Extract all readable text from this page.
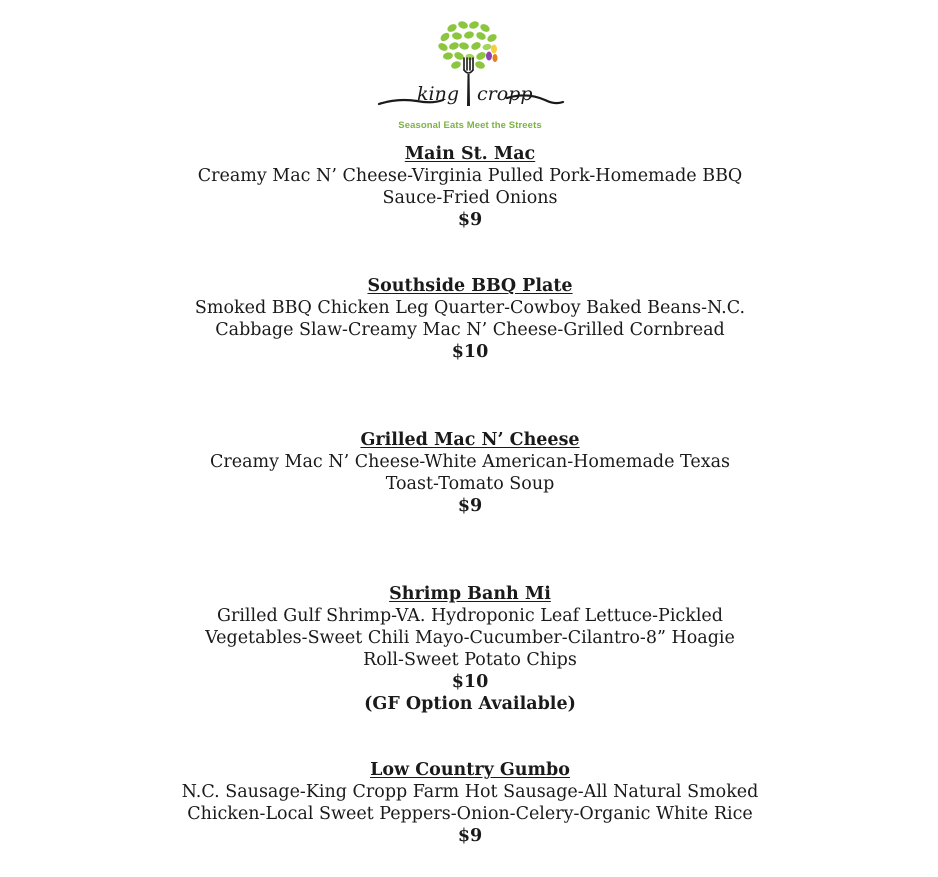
king cropp
Seasonal Eats Meet the Streets
Main St. Mac
Creamy Mac N’ Cheese-Virginia Pulled Pork-Homemade BBQ
Sauce-Fried Onions
$9
Southside BBQ Plate
Smoked BBQ Chicken Leg Quarter-Cowboy Baked Beans-N.C.
Cabbage Slaw-Creamy Mac N’ Cheese-Grilled Cornbread
$10
Grilled Mac N’ Cheese
Creamy Mac N’ Cheese-White American-Homemade Texas
Toast-Tomato Soup
$9
Shrimp Banh Mi
Grilled Gulf Shrimp-VA. Hydroponic Leaf Lettuce-Pickled
Vegetables-Sweet Chili Mayo-Cucumber-Cilantro-8” Hoagie
Roll-Sweet Potato Chips
$10
(GF Option Available)
Low Country Gumbo
N.C. Sausage-King Cropp Farm Hot Sausage-All Natural Smoked
Chicken-Local Sweet Peppers-Onion-Celery-Organic White Rice
$9
